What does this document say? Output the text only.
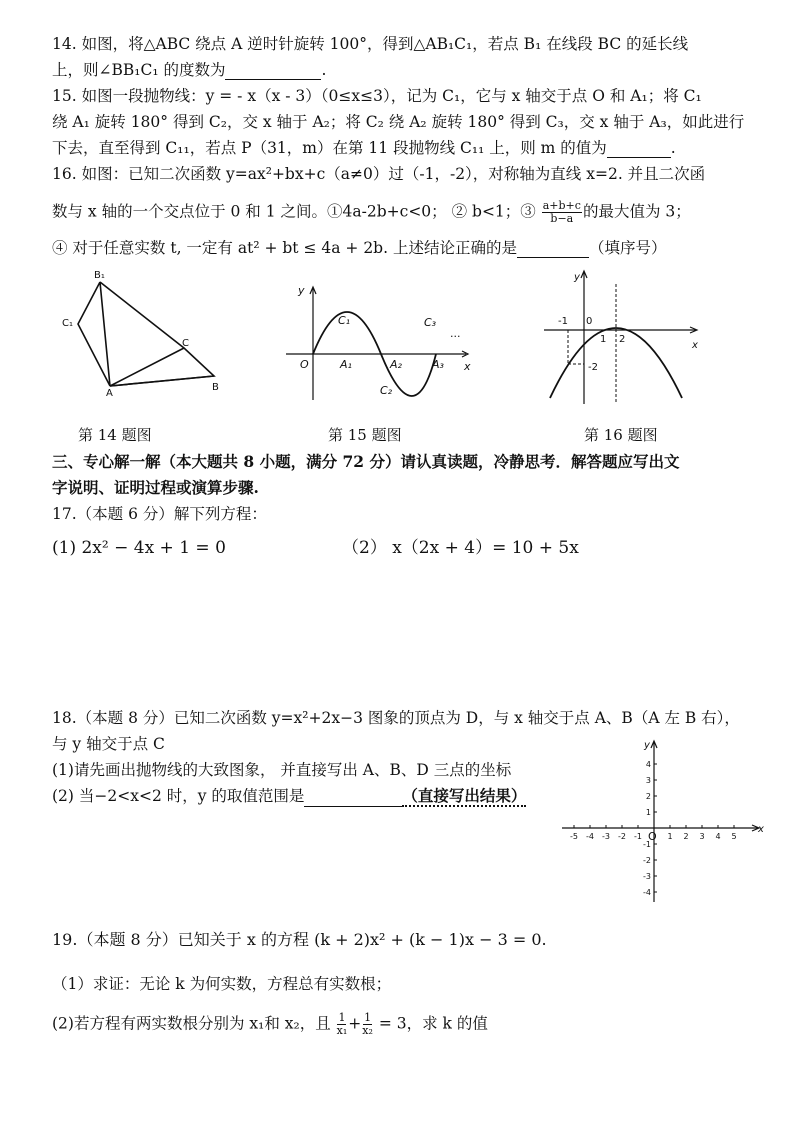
14. 如图，将△ABC 绕点 A 逆时针旋转 100°，得到△AB₁C₁，若点 B₁ 在线段 BC 的延长线
上，则∠BB₁C₁ 的度数为	.
15. 如图一段抛物线：y = - x（x - 3）（0≤x≤3），记为 C₁，它与 x 轴交于点 O 和 A₁；将 C₁
绕 A₁ 旋转 180° 得到 C₂，交 x 轴于 A₂；将 C₂ 绕 A₂ 旋转 180° 得到 C₃，交 x 轴于 A₃，如此进行
下去，直至得到 C₁₁，若点 P（31，m）在第 11 段抛物线 C₁₁ 上，则 m 的值为	.
16. 如图：已知二次函数 y=ax²+bx+c（a≠0）过（-1，-2），对称轴为直线 x=2. 并且二次函
数与 x 轴的一个交点位于 0 和 1 之间。①4a-2b+c<0； ② b<1；③ $\frac{a+b+c}{b-a}$ 的最大值为 3；
④ 对于任意实数 t, 一定有 at² + bt ≤ 4a + 2b. 上述结论正确的是	（填序号）
B₁
C₁
C
A
B
第 14 题图
y
x
O	A₁	A₂	A₃
C₁
C₂
C₃
···
第 15 题图
y
x
-1 0
1 2
-2
第 16 题图
三、专心解一解（本大题共 8 小题，满分 72 分）请认真读题，冷静思考．解答题应写出文
字说明、证明过程或演算步骤.
17.（本题 6 分）解下列方程：
(1) 2x² − 4x + 1 = 0	（2） x（2x + 4）= 10 + 5x
18.（本题 8 分）已知二次函数 y=x²+2x−3 图象的顶点为 D，与 x 轴交于点 A、B（A 左 B 右），
与 y 轴交于点 C
(1)请先画出抛物线的大致图象， 并直接写出 A、B、D 三点的坐标
(2) 当−2<x<2 时，y 的取值范围是	（直接写出结果）
-5 -4 -3 -2 -1	1 2 3 4 5
4
3
2
1
-1
-2
-3
-4
y
x
O
19.（本题 8 分）已知关于 x 的方程 (k + 2)x² + (k − 1)x − 3 = 0.
（1）求证：无论 k 为何实数，方程总有实数根；
(2)若方程有两实数根分别为 x₁和 x₂，且 $\frac{1}{\text{x₁}} + \frac{1}{\text{x₂}} = 3$，求 k 的值
